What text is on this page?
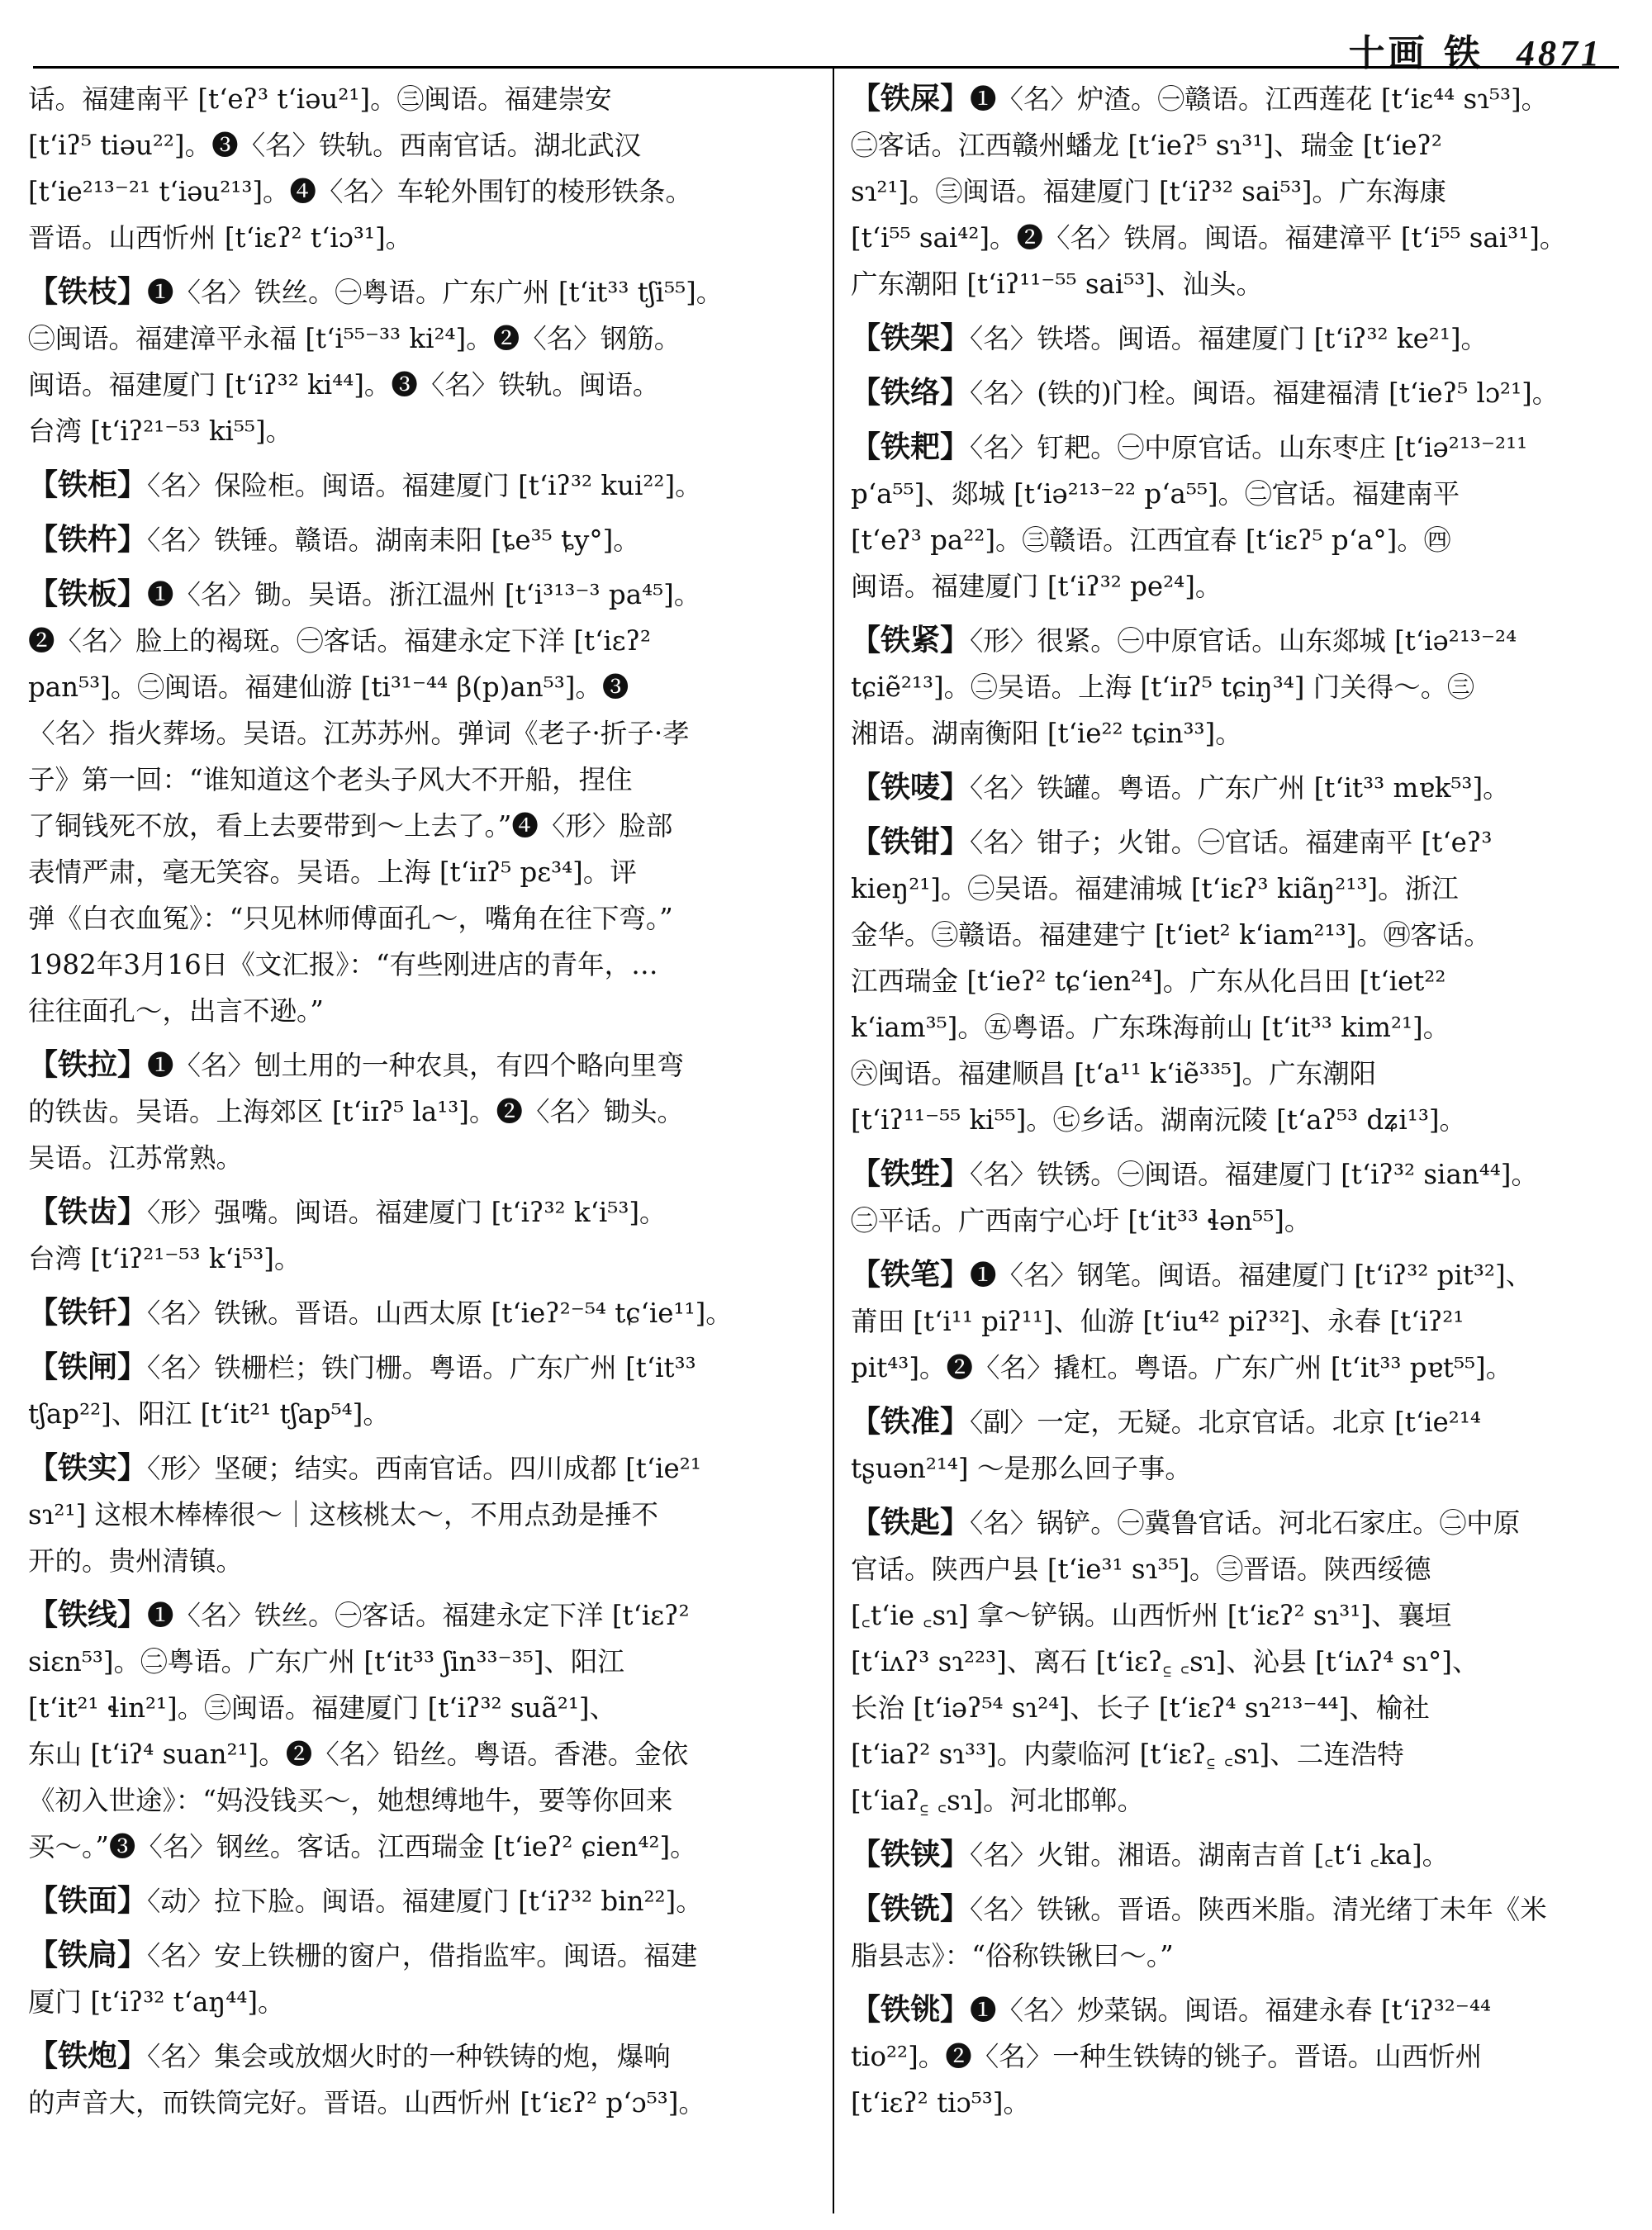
十画 铁 4871
话。福建南平 [tʻeʔ³ tʻiəu²¹]。㊂闽语。福建崇安
[tʻiʔ⁵ tiəu²²]。❸〈名〉铁轨。西南官话。湖北武汉
[tʻie²¹³⁻²¹ tʻiəu²¹³]。❹〈名〉车轮外围钉的棱形铁条。
晋语。山西忻州 [tʻiɛʔ² tʻiɔ³¹]。
【铁枝】❶〈名〉铁丝。㊀粤语。广东广州 [tʻit³³ tʃi⁵⁵]。
㊁闽语。福建漳平永福 [tʻi⁵⁵⁻³³ ki²⁴]。❷〈名〉钢筋。
闽语。福建厦门 [tʻiʔ³² ki⁴⁴]。❸〈名〉铁轨。闽语。
台湾 [tʻiʔ²¹⁻⁵³ ki⁵⁵]。
【铁柜】〈名〉保险柜。闽语。福建厦门 [tʻiʔ³² kui²²]。
【铁杵】〈名〉铁锤。赣语。湖南耒阳 [ȶe³⁵ ȶy°]。
【铁板】❶〈名〉锄。吴语。浙江温州 [tʻi³¹³⁻³ pa⁴⁵]。
❷〈名〉脸上的褐斑。㊀客话。福建永定下洋 [tʻiɛʔ²
pan⁵³]。㊁闽语。福建仙游 [ti³¹⁻⁴⁴ β(p)an⁵³]。❸
〈名〉指火葬场。吴语。江苏苏州。弹词《老子·折子·孝
子》第一回：“谁知道这个老头子风大不开船，捏住
了铜钱死不放，看上去要带到～上去了。”❹〈形〉脸部
表情严肃，毫无笑容。吴语。上海 [tʻiɪʔ⁵ pɛ³⁴]。评
弹《白衣血冤》：“只见林师傅面孔～，嘴角在往下弯。”
1982年3月16日《文汇报》：“有些刚进店的青年，…
往往面孔～，出言不逊。”
【铁拉】❶〈名〉刨土用的一种农具，有四个略向里弯
的铁齿。吴语。上海郊区 [tʻiɪʔ⁵ la¹³]。❷〈名〉锄头。
吴语。江苏常熟。
【铁齿】〈形〉强嘴。闽语。福建厦门 [tʻiʔ³² kʻi⁵³]。
台湾 [tʻiʔ²¹⁻⁵³ kʻi⁵³]。
【铁钎】〈名〉铁锹。晋语。山西太原 [tʻieʔ²⁻⁵⁴ tɕʻie¹¹]。
【铁闸】〈名〉铁栅栏；铁门栅。粤语。广东广州 [tʻit³³
tʃap²²]、阳江 [tʻit²¹ tʃap⁵⁴]。
【铁实】〈形〉坚硬；结实。西南官话。四川成都 [tʻie²¹
sɿ²¹] 这根木棒棒很～｜这核桃太～，不用点劲是捶不
开的。贵州清镇。
【铁线】❶〈名〉铁丝。㊀客话。福建永定下洋 [tʻiɛʔ²
siɛn⁵³]。㊁粤语。广东广州 [tʻit³³ ʃin³³⁻³⁵]、阳江
[tʻit²¹ ɬin²¹]。㊂闽语。福建厦门 [tʻiʔ³² suã²¹]、
东山 [tʻiʔ⁴ suan²¹]。❷〈名〉铅丝。粤语。香港。金依
《初入世途》：“妈没钱买～，她想缚地牛，要等你回来
买～。”❸〈名〉钢丝。客话。江西瑞金 [tʻieʔ² ɕien⁴²]。
【铁面】〈动〉拉下脸。闽语。福建厦门 [tʻiʔ³² bin²²]。
【铁扃】〈名〉安上铁栅的窗户，借指监牢。闽语。福建
厦门 [tʻiʔ³² tʻaŋ⁴⁴]。
【铁炮】〈名〉集会或放烟火时的一种铁铸的炮，爆响
的声音大，而铁筒完好。晋语。山西忻州 [tʻiɛʔ² pʻɔ⁵³]。
【铁屎】❶〈名〉炉渣。㊀赣语。江西莲花 [tʻiɛ⁴⁴ sɿ⁵³]。
㊁客话。江西赣州蟠龙 [tʻieʔ⁵ sɿ³¹]、瑞金 [tʻieʔ²
sɿ²¹]。㊂闽语。福建厦门 [tʻiʔ³² sai⁵³]。广东海康
[tʻi⁵⁵ sai⁴²]。❷〈名〉铁屑。闽语。福建漳平 [tʻi⁵⁵ sai³¹]。
广东潮阳 [tʻiʔ¹¹⁻⁵⁵ sai⁵³]、汕头。
【铁架】〈名〉铁塔。闽语。福建厦门 [tʻiʔ³² ke²¹]。
【铁络】〈名〉(铁的)门栓。闽语。福建福清 [tʻieʔ⁵ lɔ²¹]。
【铁耙】〈名〉钉耙。㊀中原官话。山东枣庄 [tʻiə²¹³⁻²¹¹
pʻa⁵⁵]、郯城 [tʻiə²¹³⁻²² pʻa⁵⁵]。㊁官话。福建南平
[tʻeʔ³ pa²²]。㊂赣语。江西宜春 [tʻiɛʔ⁵ pʻa°]。㊃
闽语。福建厦门 [tʻiʔ³² pe²⁴]。
【铁紧】〈形〉很紧。㊀中原官话。山东郯城 [tʻiə²¹³⁻²⁴
tɕiẽ²¹³]。㊁吴语。上海 [tʻiɪʔ⁵ tɕiŋ³⁴] 门关得～。㊂
湘语。湖南衡阳 [tʻie²² tɕin³³]。
【铁唛】〈名〉铁罐。粤语。广东广州 [tʻit³³ mɐk⁵³]。
【铁钳】〈名〉钳子；火钳。㊀官话。福建南平 [tʻeʔ³
kieŋ²¹]。㊁吴语。福建浦城 [tʻiɛʔ³ kiãŋ²¹³]。浙江
金华。㊂赣语。福建建宁 [tʻiet² kʻiam²¹³]。㊃客话。
江西瑞金 [tʻieʔ² tɕʻien²⁴]。广东从化吕田 [tʻiet²²
kʻiam³⁵]。㊄粤语。广东珠海前山 [tʻit³³ kim²¹]。
㊅闽语。福建顺昌 [tʻa¹¹ kʻiẽ³³⁵]。广东潮阳
[tʻiʔ¹¹⁻⁵⁵ ki⁵⁵]。㊆乡话。湖南沅陵 [tʻaʔ⁵³ dʑi¹³]。
【铁甡】〈名〉铁锈。㊀闽语。福建厦门 [tʻiʔ³² sian⁴⁴]。
㊁平话。广西南宁心圩 [tʻit³³ ɬən⁵⁵]。
【铁笔】❶〈名〉钢笔。闽语。福建厦门 [tʻiʔ³² pit³²]、
莆田 [tʻi¹¹ piʔ¹¹]、仙游 [tʻiu⁴² piʔ³²]、永春 [tʻiʔ²¹
pit⁴³]。❷〈名〉撬杠。粤语。广东广州 [tʻit³³ pɐt⁵⁵]。
【铁准】〈副〉一定，无疑。北京官话。北京 [tʻie²¹⁴
tʂuən²¹⁴] ～是那么回子事。
【铁匙】〈名〉锅铲。㊀冀鲁官话。河北石家庄。㊁中原
官话。陕西户县 [tʻie³¹ sɿ³⁵]。㊂晋语。陕西绥德
[꜀tʻie ꜀sɿ] 拿～铲锅。山西忻州 [tʻiɛʔ² sɿ³¹]、襄垣
[tʻiʌʔ³ sɿ²²³]、离石 [tʻiɛʔ꜁ ꜀sɿ]、沁县 [tʻiʌʔ⁴ sɿ°]、
长治 [tʻiəʔ⁵⁴ sɿ²⁴]、长子 [tʻiɛʔ⁴ sɿ²¹³⁻⁴⁴]、榆社
[tʻiaʔ² sɿ³³]。内蒙临河 [tʻiɛʔ꜁ ꜀sɿ]、二连浩特
[tʻiaʔ꜁ ꜀sɿ]。河北邯郸。
【铁铗】〈名〉火钳。湘语。湖南吉首 [꜀tʻi ꜀ka]。
【铁铣】〈名〉铁锹。晋语。陕西米脂。清光绪丁未年《米
脂县志》：“俗称铁锹曰～。”
【铁铫】❶〈名〉炒菜锅。闽语。福建永春 [tʻiʔ³²⁻⁴⁴
tio²²]。❷〈名〉一种生铁铸的铫子。晋语。山西忻州
[tʻiɛʔ² tiɔ⁵³]。
